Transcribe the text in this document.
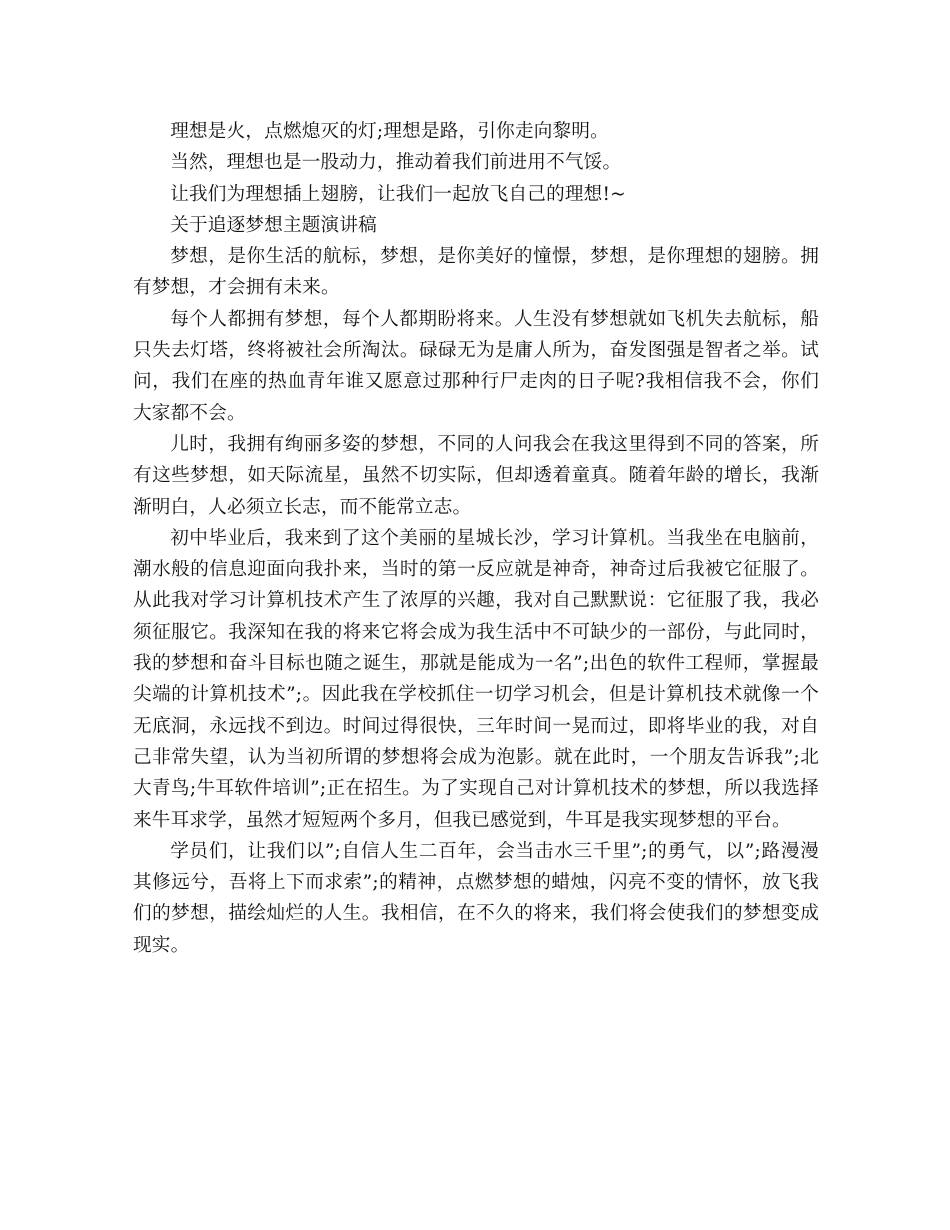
理想是火，点燃熄灭的灯;理想是路，引你走向黎明。

当然，理想也是一股动力，推动着我们前进用不气馁。

让我们为理想插上翅膀，让我们一起放飞自己的理想!~

关于追逐梦想主题演讲稿

梦想，是你生活的航标，梦想，是你美好的憧憬，梦想，是你理想的翅膀。拥有梦想，才会拥有未来。

每个人都拥有梦想，每个人都期盼将来。人生没有梦想就如飞机失去航标，船只失去灯塔，终将被社会所淘汰。碌碌无为是庸人所为，奋发图强是智者之举。试问，我们在座的热血青年谁又愿意过那种行尸走肉的日子呢?我相信我不会，你们大家都不会。

儿时，我拥有绚丽多姿的梦想，不同的人问我会在我这里得到不同的答案，所有这些梦想，如天际流星，虽然不切实际，但却透着童真。随着年龄的增长，我渐渐明白，人必须立长志，而不能常立志。

初中毕业后，我来到了这个美丽的星城长沙，学习计算机。当我坐在电脑前，潮水般的信息迎面向我扑来，当时的第一反应就是神奇，神奇过后我被它征服了。从此我对学习计算机技术产生了浓厚的兴趣，我对自己默默说：它征服了我，我必须征服它。我深知在我的将来它将会成为我生活中不可缺少的一部份，与此同时，我的梦想和奋斗目标也随之诞生，那就是能成为一名”;出色的软件工程师，掌握最尖端的计算机技术”;。因此我在学校抓住一切学习机会，但是计算机技术就像一个无底洞，永远找不到边。时间过得很快，三年时间一晃而过，即将毕业的我，对自己非常失望，认为当初所谓的梦想将会成为泡影。就在此时，一个朋友告诉我”;北大青鸟;牛耳软件培训”;正在招生。为了实现自己对计算机技术的梦想，所以我选择来牛耳求学，虽然才短短两个多月，但我已感觉到，牛耳是我实现梦想的平台。

学员们，让我们以”;自信人生二百年，会当击水三千里”;的勇气，以”;路漫漫其修远兮，吾将上下而求索”;的精神，点燃梦想的蜡烛，闪亮不变的情怀，放飞我们的梦想，描绘灿烂的人生。我相信，在不久的将来，我们将会使我们的梦想变成现实。
